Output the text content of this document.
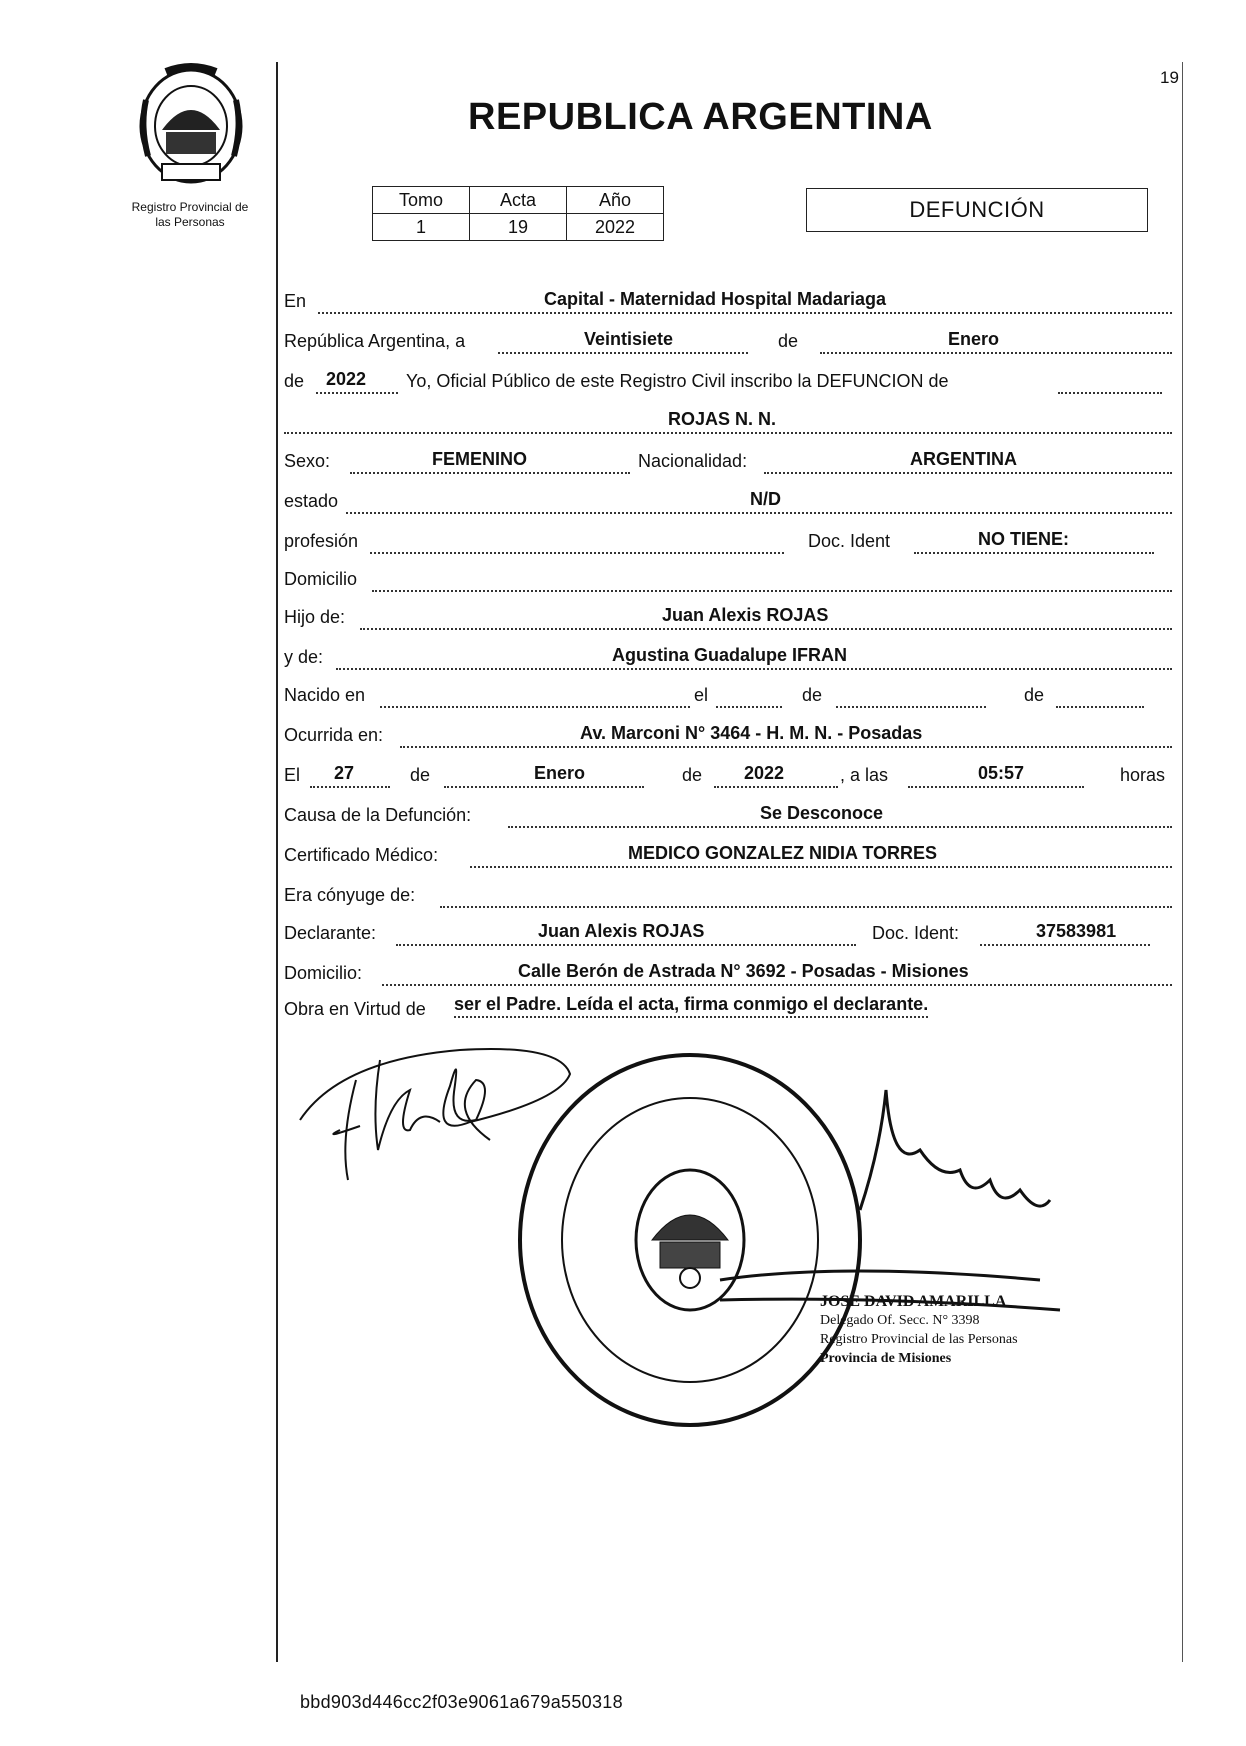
Registro Provincial de
las Personas
19
REPUBLICA ARGENTINA
Tomo	Acta	Año
1	19	2022
DEFUNCIÓN
En	Capital - Maternidad Hospital Madariaga
República Argentina, a	Veintisiete	de	Enero
de 2022 Yo, Oficial Público de este Registro Civil inscribo la DEFUNCION de
ROJAS N. N.
Sexo:	FEMENINO	Nacionalidad:	ARGENTINA
estado	N/D
profesión	Doc. Ident	NO TIENE:
Domicilio
Hijo de:	Juan Alexis ROJAS
y de:	Agustina Guadalupe IFRAN
Nacido en	el	de	de
Ocurrida en:	Av. Marconi N° 3464 - H. M. N. - Posadas
El 27	de	Enero	de 2022	, a las	05:57	horas
Causa de la Defunción:	Se Desconoce
Certificado Médico:	MEDICO GONZALEZ NIDIA TORRES
Era cónyuge de:
Declarante:	Juan Alexis ROJAS	Doc. Ident:	37583981
Domicilio:	Calle Berón de Astrada N° 3692 - Posadas - Misiones
Obra en Virtud de ser el Padre. Leída el acta, firma conmigo el declarante.
JOSE DAVID AMARILLA
Delegado Of. Secc. N° 3398
Registro Provincial de las Personas
Provincia de Misiones
bbd903d446cc2f03e9061a679a550318
